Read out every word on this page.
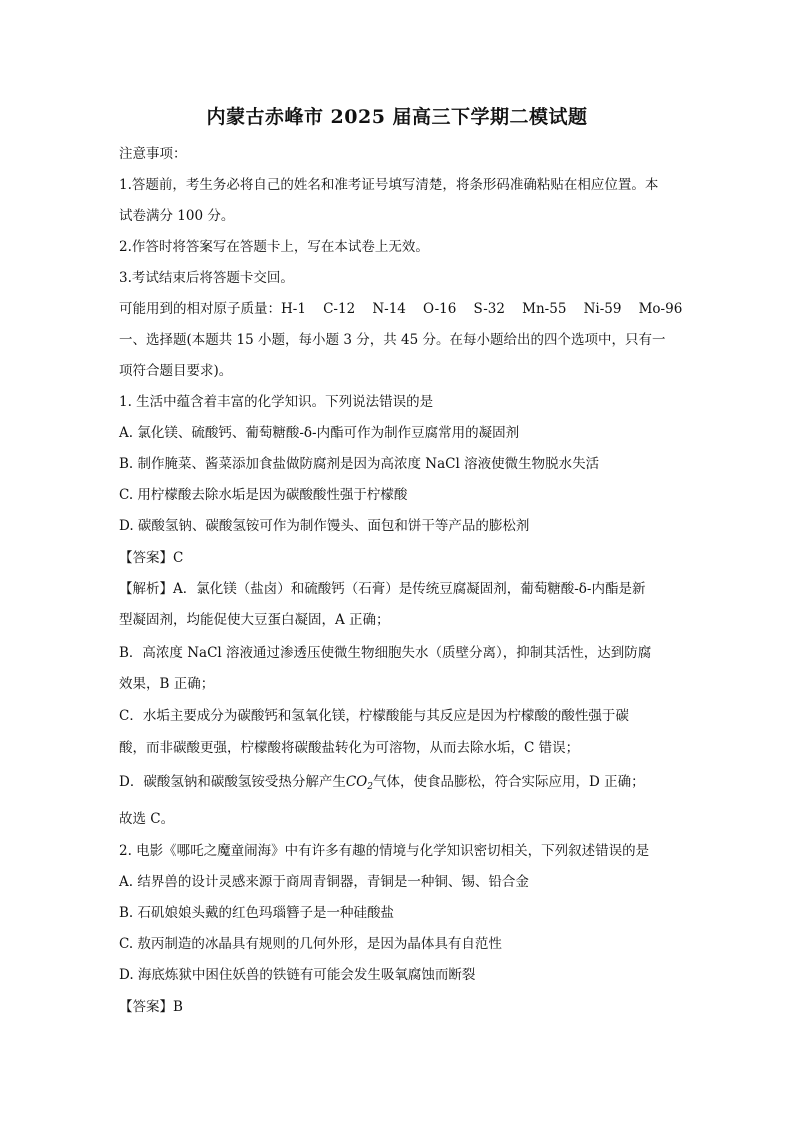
内蒙古赤峰市 2025 届高三下学期二模试题
注意事项：
1.答题前，考生务必将自己的姓名和准考证号填写清楚，将条形码准确粘贴在相应位置。本
试卷满分 100 分。
2.作答时将答案写在答题卡上，写在本试卷上无效。
3.考试结束后将答题卡交回。
可能用到的相对原子质量：H-1    C-12    N-14    O-16    S-32    Mn-55    Ni-59    Mo-96
一、选择题(本题共 15 小题，每小题 3 分，共 45 分。在每小题给出的四个选项中，只有一
项符合题目要求)。
1. 生活中蕴含着丰富的化学知识。下列说法错误的是
A. 氯化镁、硫酸钙、葡萄糖酸-δ-内酯可作为制作豆腐常用的凝固剂
B. 制作腌菜、酱菜添加食盐做防腐剂是因为高浓度 NaCl 溶液使微生物脱水失活
C. 用柠檬酸去除水垢是因为碳酸酸性强于柠檬酸
D. 碳酸氢钠、碳酸氢铵可作为制作馒头、面包和饼干等产品的膨松剂
【答案】C
【解析】A．氯化镁（盐卤）和硫酸钙（石膏）是传统豆腐凝固剂，葡萄糖酸-δ-内酯是新
型凝固剂，均能促使大豆蛋白凝固，A 正确；
B．高浓度 NaCl 溶液通过渗透压使微生物细胞失水（质壁分离），抑制其活性，达到防腐
效果，B 正确；
C．水垢主要成分为碳酸钙和氢氧化镁，柠檬酸能与其反应是因为柠檬酸的酸性强于碳
酸，而非碳酸更强，柠檬酸将碳酸盐转化为可溶物，从而去除水垢，C 错误；
D．碳酸氢钠和碳酸氢铵受热分解产生$CO_2$气体，使食品膨松，符合实际应用，D 正确；
故选 C。
2. 电影《哪吒之魔童闹海》中有许多有趣的情境与化学知识密切相关，下列叙述错误的是
A. 结界兽的设计灵感来源于商周青铜器，青铜是一种铜、锡、铅合金
B. 石矶娘娘头戴的红色玛瑙簪子是一种硅酸盐
C. 敖丙制造的冰晶具有规则的几何外形，是因为晶体具有自范性
D. 海底炼狱中困住妖兽的铁链有可能会发生吸氧腐蚀而断裂
【答案】B
